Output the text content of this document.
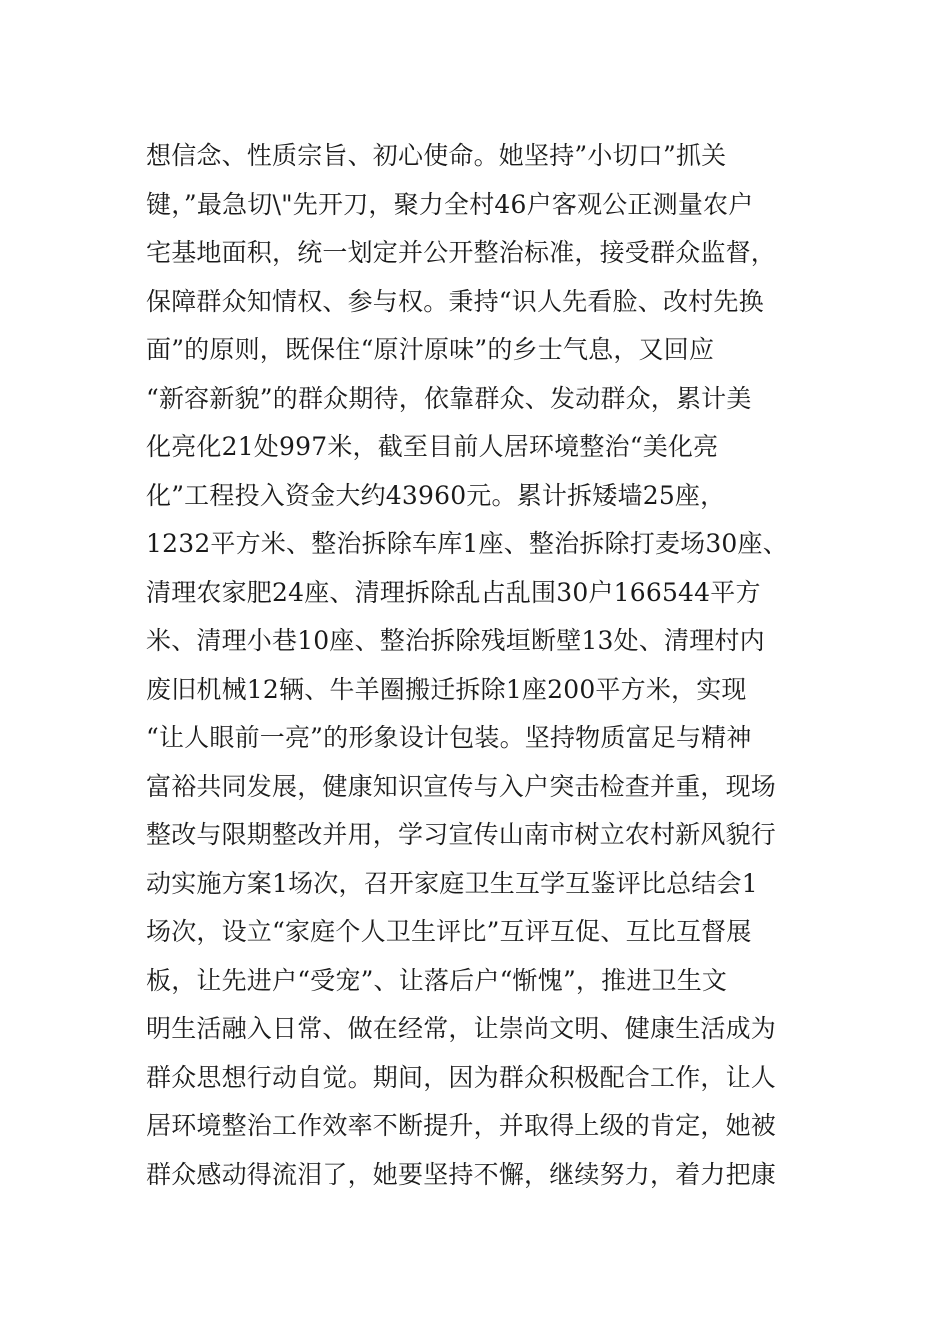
想信念、性质宗旨、初心使命。她坚持”小切口”抓关
键，”最急切\"先开刀，聚力全村46户客观公正测量农户
宅基地面积，统一划定并公开整治标准，接受群众监督，
保障群众知情权、参与权。秉持“识人先看脸、改村先换
面”的原则，既保住“原汁原味”的乡士气息，又回应
“新容新貌”的群众期待，依靠群众、发动群众，累计美
化亮化21处997米，截至目前人居环境整治“美化亮
化”工程投入资金大约43960元。累计拆矮墙25座，
1232平方米、整治拆除车库1座、整治拆除打麦场30座、
清理农家肥24座、清理拆除乱占乱围30户166544平方
米、清理小巷10座、整治拆除残垣断壁13处、清理村内
废旧机械12辆、牛羊圈搬迁拆除1座200平方米，实现
“让人眼前一亮”的形象设计包装。坚持物质富足与精神
富裕共同发展，健康知识宣传与入户突击检查并重，现场
整改与限期整改并用，学习宣传山南市树立农村新风貌行
动实施方案1场次，召开家庭卫生互学互鉴评比总结会1
场次，设立“家庭个人卫生评比”互评互促、互比互督展
板，让先进户“受宠”、让落后户“惭愧”，推进卫生文
明生活融入日常、做在经常，让崇尚文明、健康生活成为
群众思想行动自觉。期间，因为群众积极配合工作，让人
居环境整治工作效率不断提升，并取得上级的肯定，她被
群众感动得流泪了，她要坚持不懈，继续努力，着力把康
